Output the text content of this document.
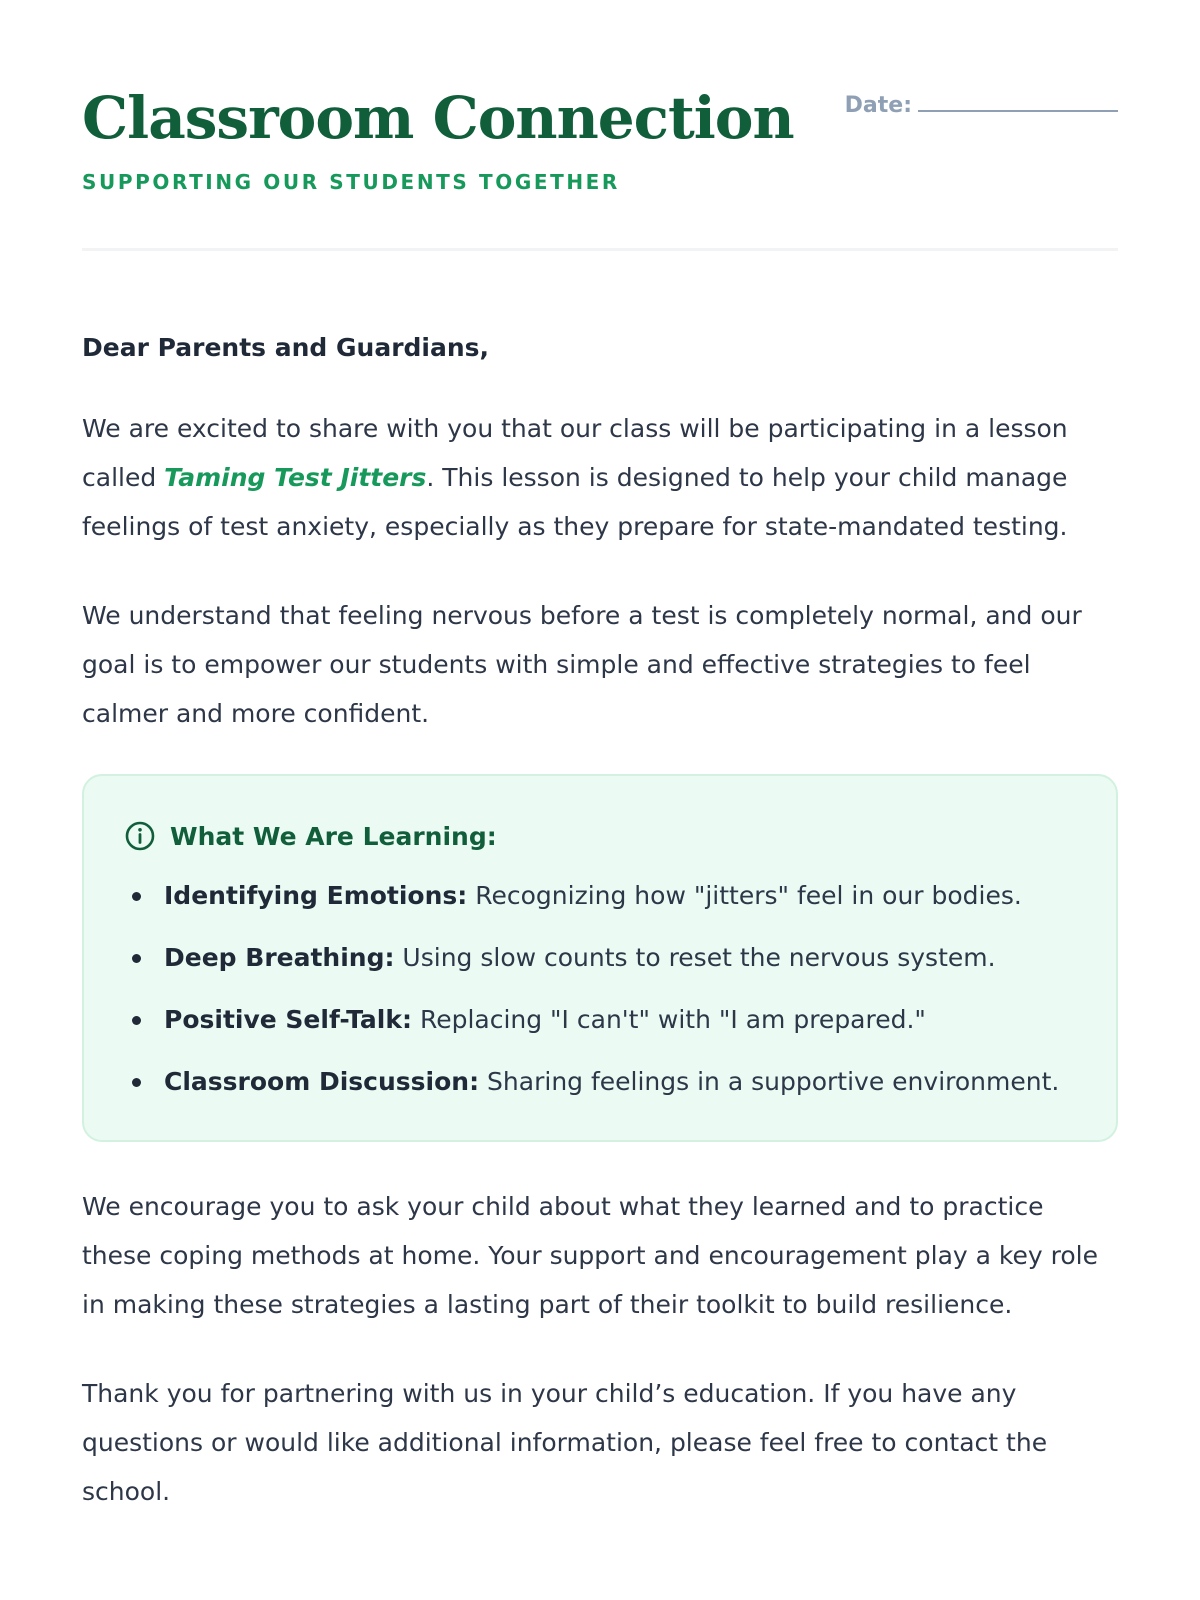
Classroom Connection
SUPPORTING OUR STUDENTS TOGETHER
Date:
Dear Parents and Guardians,

We are excited to share with you that our class will be participating in a lesson called Taming Test Jitters. This lesson is designed to help your child manage feelings of test anxiety, especially as they prepare for state-mandated testing.

We understand that feeling nervous before a test is completely normal, and our goal is to empower our students with simple and effective strategies to feel calmer and more confident.

What We Are Learning:
Identifying Emotions: Recognizing how "jitters" feel in our bodies.
Deep Breathing: Using slow counts to reset the nervous system.
Positive Self-Talk: Replacing "I can't" with "I am prepared."
Classroom Discussion: Sharing feelings in a supportive environment.

We encourage you to ask your child about what they learned and to practice these coping methods at home. Your support and encouragement play a key role in making these strategies a lasting part of their toolkit to build resilience.

Thank you for partnering with us in your child’s education. If you have any questions or would like additional information, please feel free to contact the school.
